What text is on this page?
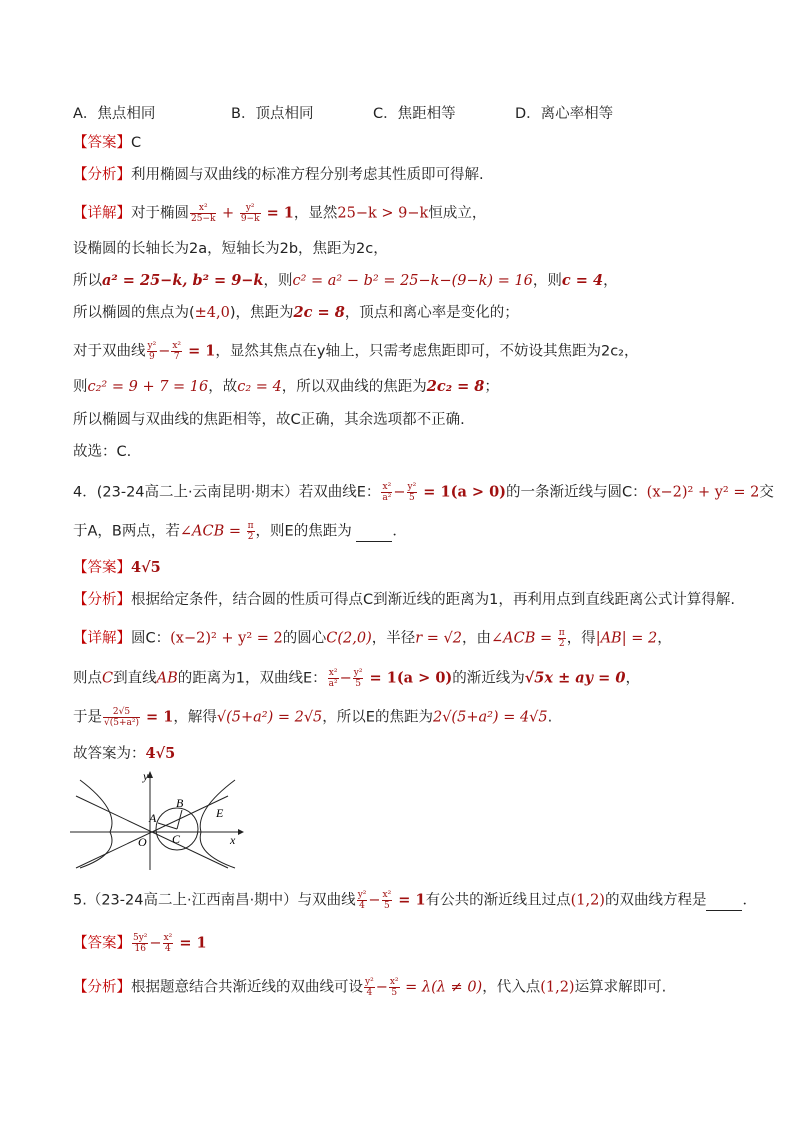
A．焦点相同	B．顶点相同	C．焦距相等	D．离心率相等
【答案】C
【分析】利用椭圆与双曲线的标准方程分别考虑其性质即可得解.
【详解】对于椭圆 $\frac{\text{x²}}{25-k} + \frac{\text{y²}}{9-k} = 1$，显然25−k > 9−k恒成立，
设椭圆的长轴长为2a，短轴长为2b，焦距为2c，
所以a² = 25−k, b² = 9−k，则c² = a² − b² = 25−k−(9−k) = 16，则c = 4，
所以椭圆的焦点为(±4,0)，焦距为2c = 8，顶点和离心率是变化的；
对于双曲线 $\frac{\text{y²}}{9} - \frac{\text{x²}}{7} = 1$，显然其焦点在y轴上，只需考虑焦距即可，不妨设其焦距为2c₂，
则c₂² = 9 + 7 = 16，故c₂ = 4，所以双曲线的焦距为2c₂ = 8；
所以椭圆与双曲线的焦距相等，故C正确，其余选项都不正确.
故选：C.
4．(23-24高二上·云南昆明·期末）若双曲线E： $\frac{\text{x²}}{\text{a²}} - \frac{\text{y²}}{5} = 1(a > 0)$的一条渐近线与圆C：(x−2)² + y² = 2交
于A，B两点，若∠ACB = $\frac{\pi}{2}$ ，则E的焦距为 ．
【答案】4√5
【分析】根据给定条件，结合圆的性质可得点C到渐近线的距离为1，再利用点到直线距离公式计算得解.
【详解】圆C：(x−2)² + y² = 2的圆心C(2,0)，半径r = √2，由∠ACB = $\frac{\pi}{2}$ ，得|AB| = 2，
则点C到直线AB的距离为1，双曲线E： $\frac{\text{x²}}{\text{a²}} - \frac{\text{y²}}{5} = 1(a > 0)$的渐近线为√5x ± ay = 0，
于是 $\frac{2√5}{\text{√(5+a²)}} = 1$，解得√(5+a²) = 2√5，所以E的焦距为2√(5+a²) = 4√5.
故答案为：4√5
y
x
O
A
B
C
E
5.（23-24高二上·江西南昌·期中）与双曲线 $\frac{\text{y²}}{4} - \frac{\text{x²}}{5} = 1$有公共的渐近线且过点(1,2)的双曲线方程是 ．
【答案】 $\frac{\text{5y²}}{16} - \frac{\text{x²}}{4} = 1$
【分析】根据题意结合共渐近线的双曲线可设 $\frac{\text{y²}}{4} - \frac{\text{x²}}{5} = \lambda(\lambda \ne 0)$，代入点(1,2)运算求解即可.
